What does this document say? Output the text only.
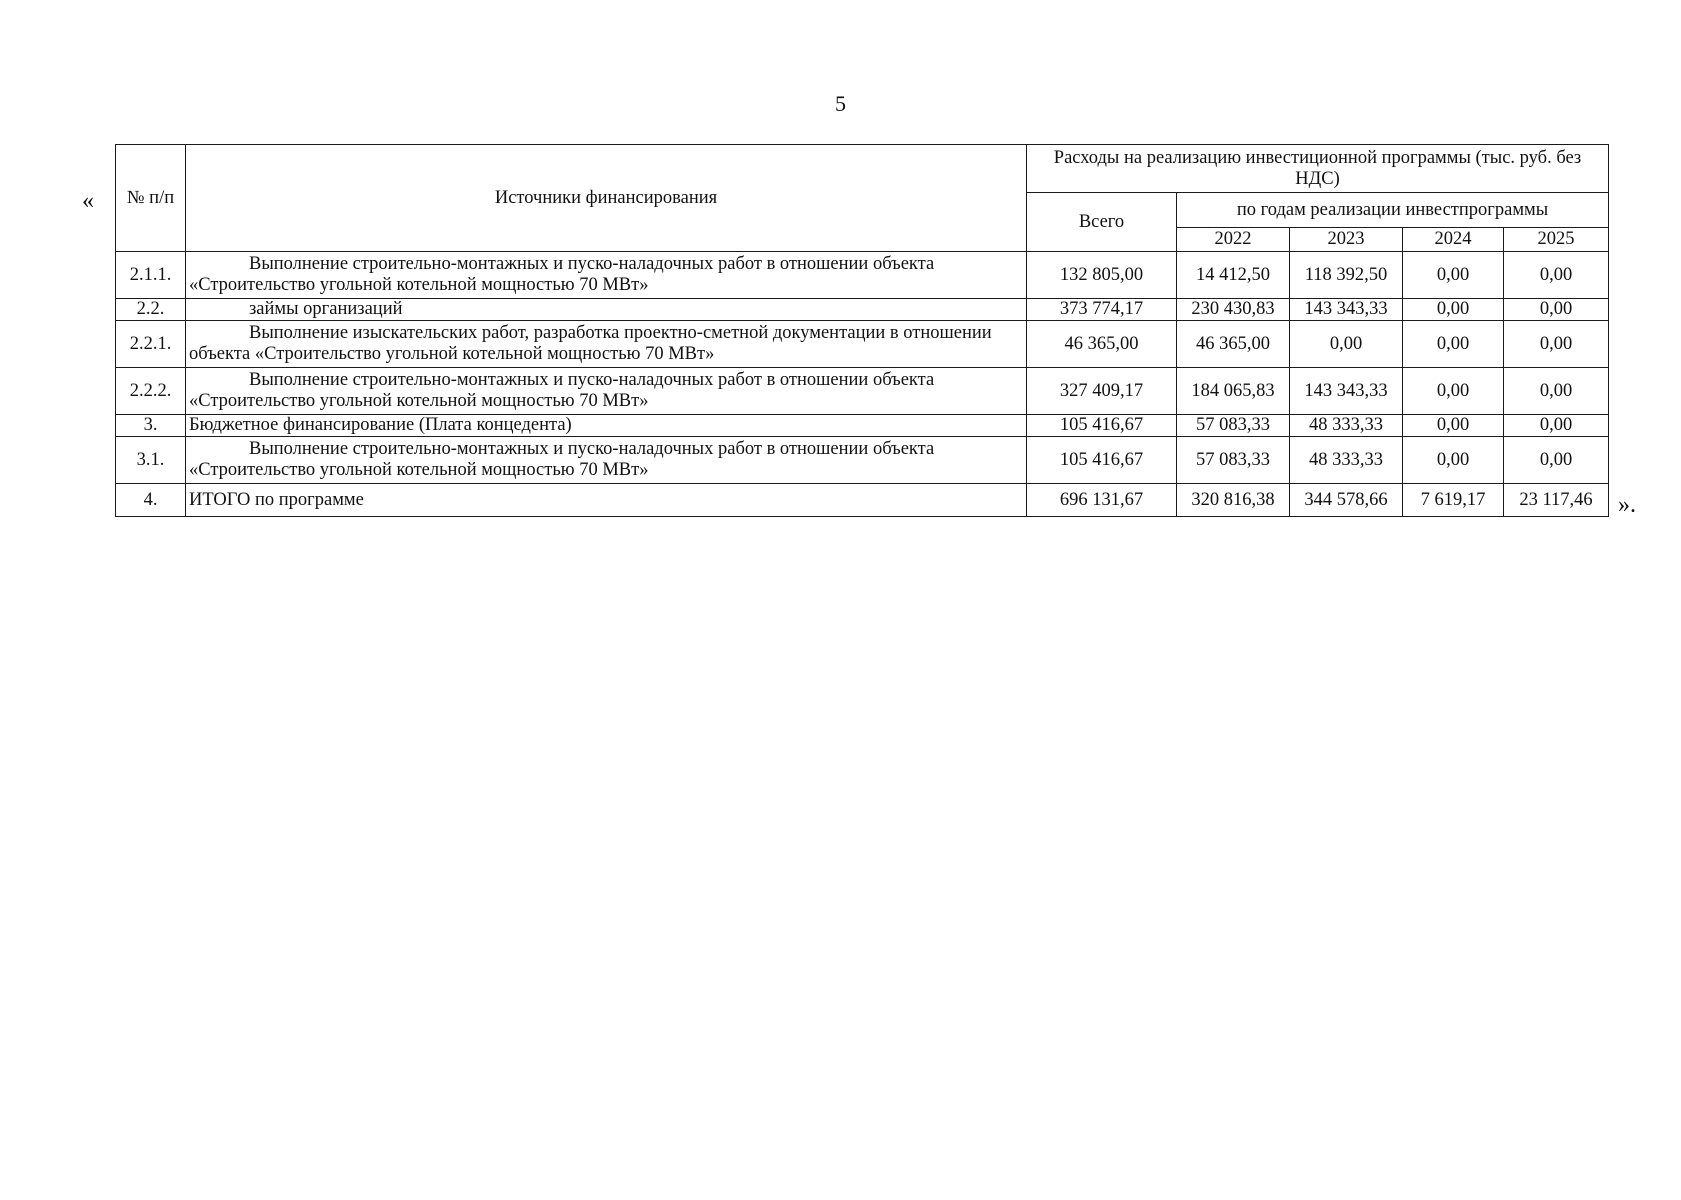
5
« № п/п	Источники финансирования	Расходы на реализацию инвестиционной программы (тыс. руб. без НДС)				
		Всего	по годам реализации инвестпрограммы			
			2022	2023	2024	2025
2.1.1.	Выполнение строительно-монтажных и пуско-наладочных работ в отношении объекта «Строительство угольной котельной мощностью 70 МВт»	132 805,00	14 412,50	118 392,50	0,00	0,00
2.2.	займы организаций	373 774,17	230 430,83	143 343,33	0,00	0,00
2.2.1.	Выполнение изыскательских работ, разработка проектно-сметной документации в отношении объекта «Строительство угольной котельной мощностью 70 МВт»	46 365,00	46 365,00	0,00	0,00	0,00
2.2.2.	Выполнение строительно-монтажных и пуско-наладочных работ в отношении объекта «Строительство угольной котельной мощностью 70 МВт»	327 409,17	184 065,83	143 343,33	0,00	0,00
3.	Бюджетное финансирование (Плата концедента)	105 416,67	57 083,33	48 333,33	0,00	0,00
3.1.	Выполнение строительно-монтажных и пуско-наладочных работ в отношении объекта «Строительство угольной котельной мощностью 70 МВт»	105 416,67	57 083,33	48 333,33	0,00	0,00
4.	ИТОГО по программе	696 131,67	320 816,38	344 578,66	7 619,17	23 117,46 ».
